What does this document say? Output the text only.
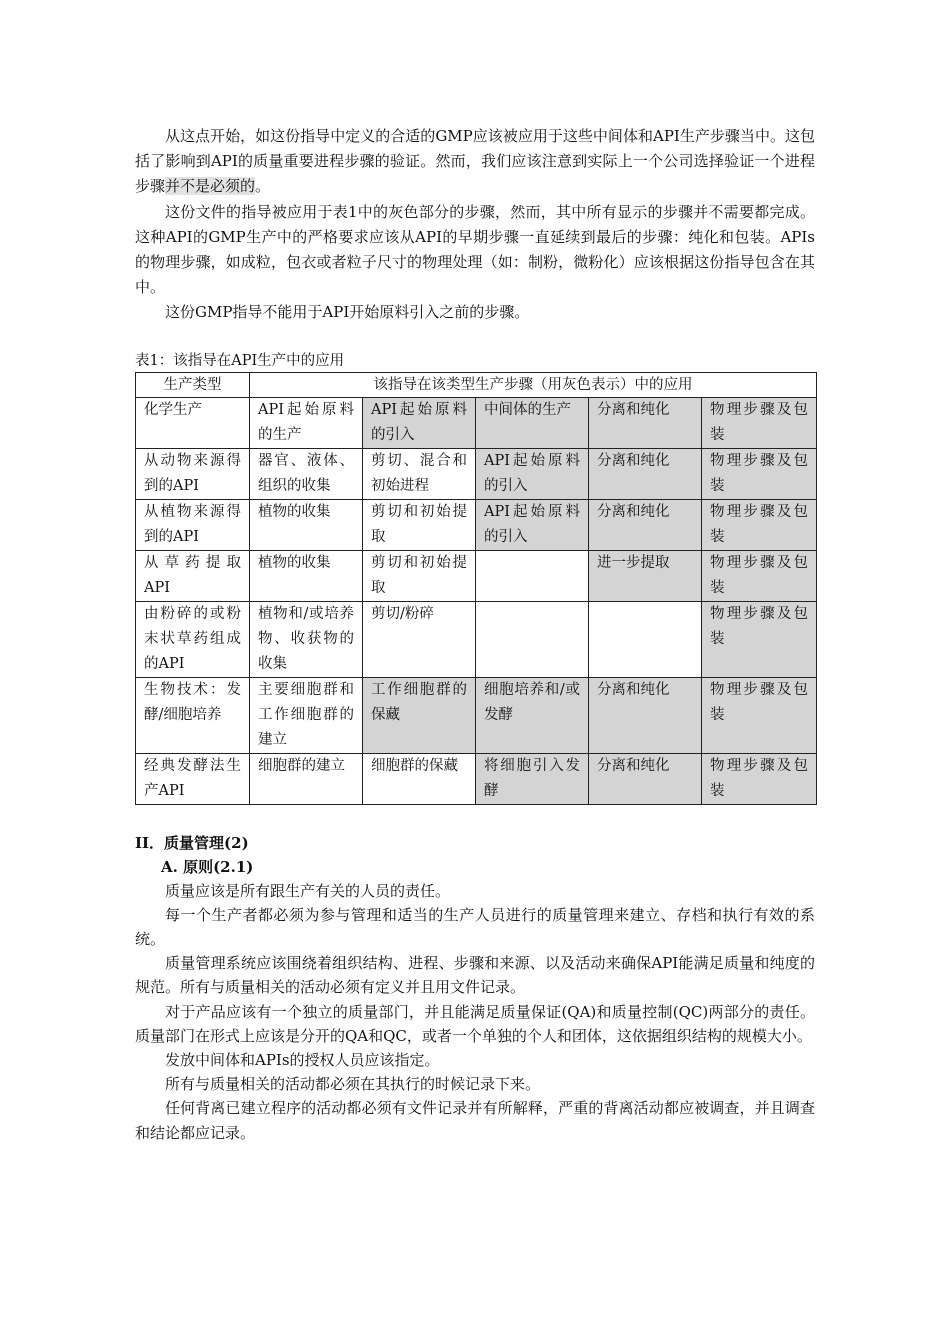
从这点开始，如这份指导中定义的合适的GMP应该被应用于这些中间体和API生产步骤当中。这包括了影响到API的质量重要进程步骤的验证。然而，我们应该注意到实际上一个公司选择验证一个进程步骤并不是必须的。

这份文件的指导被应用于表1中的灰色部分的步骤，然而，其中所有显示的步骤并不需要都完成。这种API的GMP生产中的严格要求应该从API的早期步骤一直延续到最后的步骤：纯化和包装。APIs的物理步骤，如成粒，包衣或者粒子尺寸的物理处理（如：制粉，微粉化）应该根据这份指导包含在其中。

这份GMP指导不能用于API开始原料引入之前的步骤。

表1：该指导在API生产中的应用
生产类型	该指导在该类型生产步骤（用灰色表示）中的应用				
化学生产	API起始原料的生产	API起始原料的引入	中间体的生产	分离和纯化	物理步骤及包装
从动物来源得到的API	器官、液体、组织的收集	剪切、混合和初始进程	API起始原料的引入	分离和纯化	物理步骤及包装
从植物来源得到的API	植物的收集	剪切和初始提取	API起始原料的引入	分离和纯化	物理步骤及包装
从草药提取API	植物的收集	剪切和初始提取		进一步提取	物理步骤及包装
由粉碎的或粉末状草药组成的API	植物和/或培养物、收获物的收集	剪切/粉碎			物理步骤及包装
生物技术：发酵/细胞培养	主要细胞群和工作细胞群的建立	工作细胞群的保藏	细胞培养和/或发酵	分离和纯化	物理步骤及包装
经典发酵法生产API	细胞群的建立	细胞群的保藏	将细胞引入发酵	分离和纯化	物理步骤及包装
II．质量管理(2)
A. 原则(2.1)

质量应该是所有跟生产有关的人员的责任。

每一个生产者都必须为参与管理和适当的生产人员进行的质量管理来建立、存档和执行有效的系统。

质量管理系统应该围绕着组织结构、进程、步骤和来源、以及活动来确保API能满足质量和纯度的规范。所有与质量相关的活动必须有定义并且用文件记录。

对于产品应该有一个独立的质量部门，并且能满足质量保证(QA)和质量控制(QC)两部分的责任。质量部门在形式上应该是分开的QA和QC，或者一个单独的个人和团体，这依据组织结构的规模大小。

发放中间体和APIs的授权人员应该指定。

所有与质量相关的活动都必须在其执行的时候记录下来。

任何背离已建立程序的活动都必须有文件记录并有所解释，严重的背离活动都应被调查，并且调查和结论都应记录。
